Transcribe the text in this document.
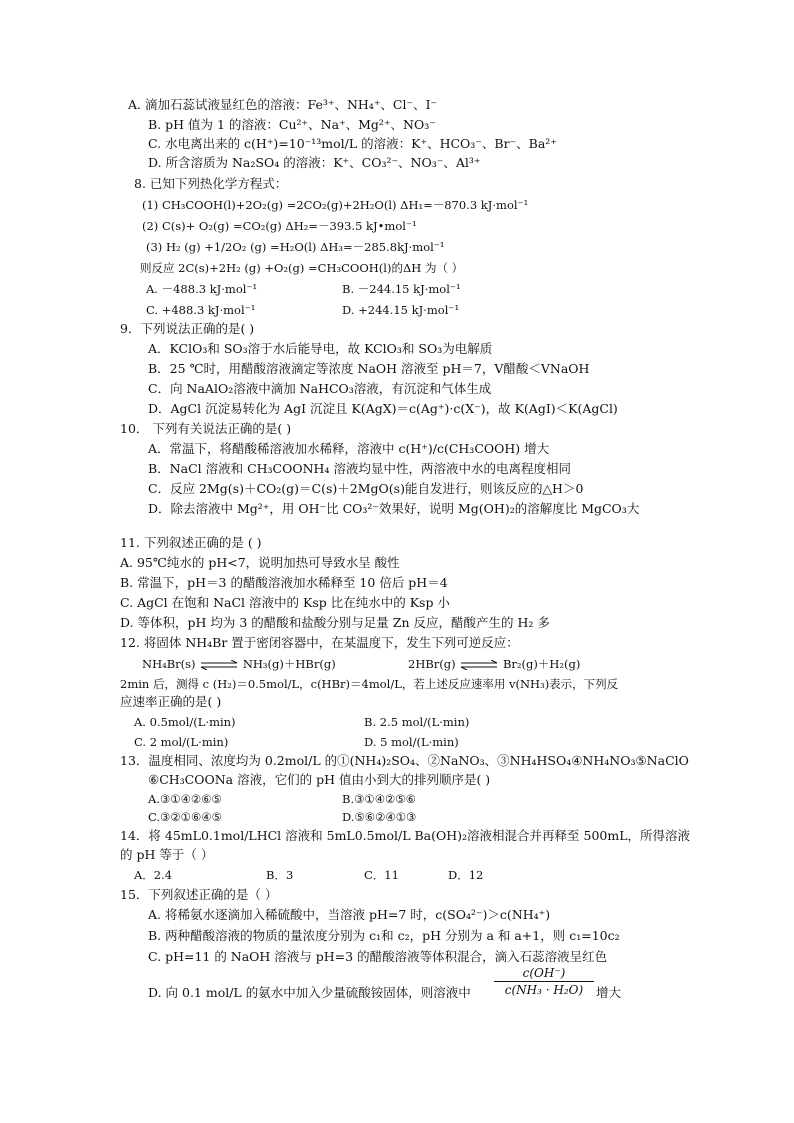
A. 滴加石蕊试液显红色的溶液：Fe³⁺、NH₄⁺、Cl⁻、I⁻
B. pH 值为 1 的溶液：Cu²⁺、Na⁺、Mg²⁺、NO₃⁻
C. 水电离出来的 c(H⁺)=10⁻¹³mol/L 的溶液：K⁺、HCO₃⁻、Br⁻、Ba²⁺
D. 所含溶质为 Na₂SO₄ 的溶液：K⁺、CO₃²⁻、NO₃⁻、Al³⁺
8. 已知下列热化学方程式：
(1) CH₃COOH(l)+2O₂(g) =2CO₂(g)+2H₂O(l) ΔH₁=－870.3 kJ·mol⁻¹
(2) C(s)+ O₂(g) =CO₂(g) ΔH₂=－393.5 kJ•mol⁻¹
(3) H₂ (g) +1/2O₂ (g) =H₂O(l) ΔH₃=－285.8kJ·mol⁻¹
则反应 2C(s)+2H₂ (g) +O₂(g) =CH₃COOH(l)的ΔH 为（ ）
A. －488.3 kJ·mol⁻¹	B. －244.15 kJ·mol⁻¹
C. +488.3 kJ·mol⁻¹	D. +244.15 kJ·mol⁻¹
9．下列说法正确的是( )
A．KClO₃和 SO₃溶于水后能导电，故 KClO₃和 SO₃为电解质
B．25 ℃时，用醋酸溶液滴定等浓度 NaOH 溶液至 pH＝7，V醋酸＜VNaOH
C．向 NaAlO₂溶液中滴加 NaHCO₃溶液，有沉淀和气体生成
D．AgCl 沉淀易转化为 AgI 沉淀且 K(AgX)＝c(Ag⁺)·c(X⁻)，故 K(AgI)＜K(AgCl)
10． 下列有关说法正确的是( )
A．常温下，将醋酸稀溶液加水稀释，溶液中 c(H⁺)/c(CH₃COOH) 增大
B．NaCl 溶液和 CH₃COONH₄ 溶液均显中性，两溶液中水的电离程度相同
C．反应 2Mg(s)＋CO₂(g)＝C(s)＋2MgO(s)能自发进行，则该反应的△H＞0
D．除去溶液中 Mg²⁺，用 OH⁻比 CO₃²⁻效果好，说明 Mg(OH)₂的溶解度比 MgCO₃大
11. 下列叙述正确的是 ( )
A. 95℃纯水的 pH<7，说明加热可导致水呈 酸性
B. 常温下，pH＝3 的醋酸溶液加水稀释至 10 倍后 pH＝4
C. AgCl 在饱和 NaCl 溶液中的 Ksp 比在纯水中的 Ksp 小
D. 等体积，pH 均为 3 的醋酸和盐酸分别与足量 Zn 反应，醋酸产生的 H₂ 多
12. 将固体 NH₄Br 置于密闭容器中，在某温度下，发生下列可逆反应：
NH₄Br(s) ⇌ NH₃(g)＋HBr(g)	2HBr(g) ⇌ Br₂(g)＋H₂(g)
2min 后，测得 c (H₂)＝0.5mol/L，c(HBr)＝4mol/L，若上述反应速率用 v(NH₃)表示，下列反
应速率正确的是( )
A. 0.5mol/(L·min)	B. 2.5 mol/(L·min)
C. 2 mol/(L·min)	D. 5 mol/(L·min)
13．温度相同、浓度均为 0.2mol/L 的①(NH₄)₂SO₄、②NaNO₃、③NH₄HSO₄④NH₄NO₃⑤NaClO
⑥CH₃COONa 溶液，它们的 pH 值由小到大的排列顺序是( )
A.③①④②⑥⑤	B.③①④②⑤⑥
C.③②①⑥④⑤	D.⑤⑥②④①③
14．将 45mL0.1mol/LHCl 溶液和 5mL0.5mol/L Ba(OH)₂溶液相混合并再释至 500mL，所得溶液
的 pH 等于（ ）
A．2.4	B．3	C．11	D．12
15．下列叙述正确的是（ ）
A. 将稀氨水逐滴加入稀硫酸中，当溶液 pH=7 时，c(SO₄²⁻)＞c(NH₄⁺)
B. 两种醋酸溶液的物质的量浓度分别为 c₁和 c₂，pH 分别为 a 和 a+1，则 c₁=10c₂
C. pH=11 的 NaOH 溶液与 pH=3 的醋酸溶液等体积混合，滴入石蕊溶液呈红色
D. 向 0.1 mol/L 的氨水中加入少量硫酸铵固体，则溶液中
c(OH⁻)
c(NH₃ · H₂O)	增大
